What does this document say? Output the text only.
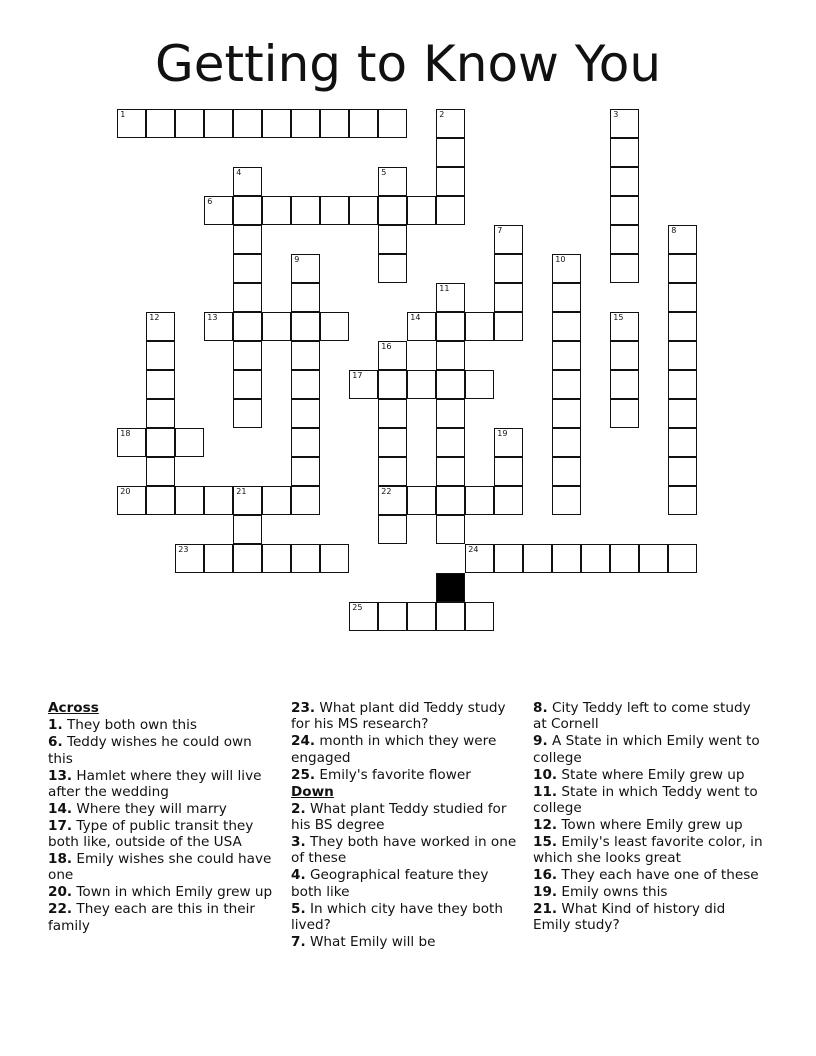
Getting to Know You
1	2	3
4	5
6
7	8
9	10
11
12	13	14	15
16
22
17
18	19
20	21
23	24
25
Across
1. They both own this
6. Teddy wishes he could own this
13. Hamlet where they will live after the wedding
14. Where they will marry
17. Type of public transit they both like, outside of the USA
18. Emily wishes she could have one
20. Town in which Emily grew up
22. They each are this in their family
23. What plant did Teddy study for his MS research?
24. month in which they were engaged
25. Emily's favorite flower
Down
2. What plant Teddy studied for his BS degree
3. They both have worked in one of these
4. Geographical feature they both like
5. In which city have they both lived?
7. What Emily will be
8. City Teddy left to come study at Cornell
9. A State in which Emily went to college
10. State where Emily grew up
11. State in which Teddy went to college
12. Town where Emily grew up
15. Emily's least favorite color, in which she looks great
16. They each have one of these
19. Emily owns this
21. What Kind of history did Emily study?
